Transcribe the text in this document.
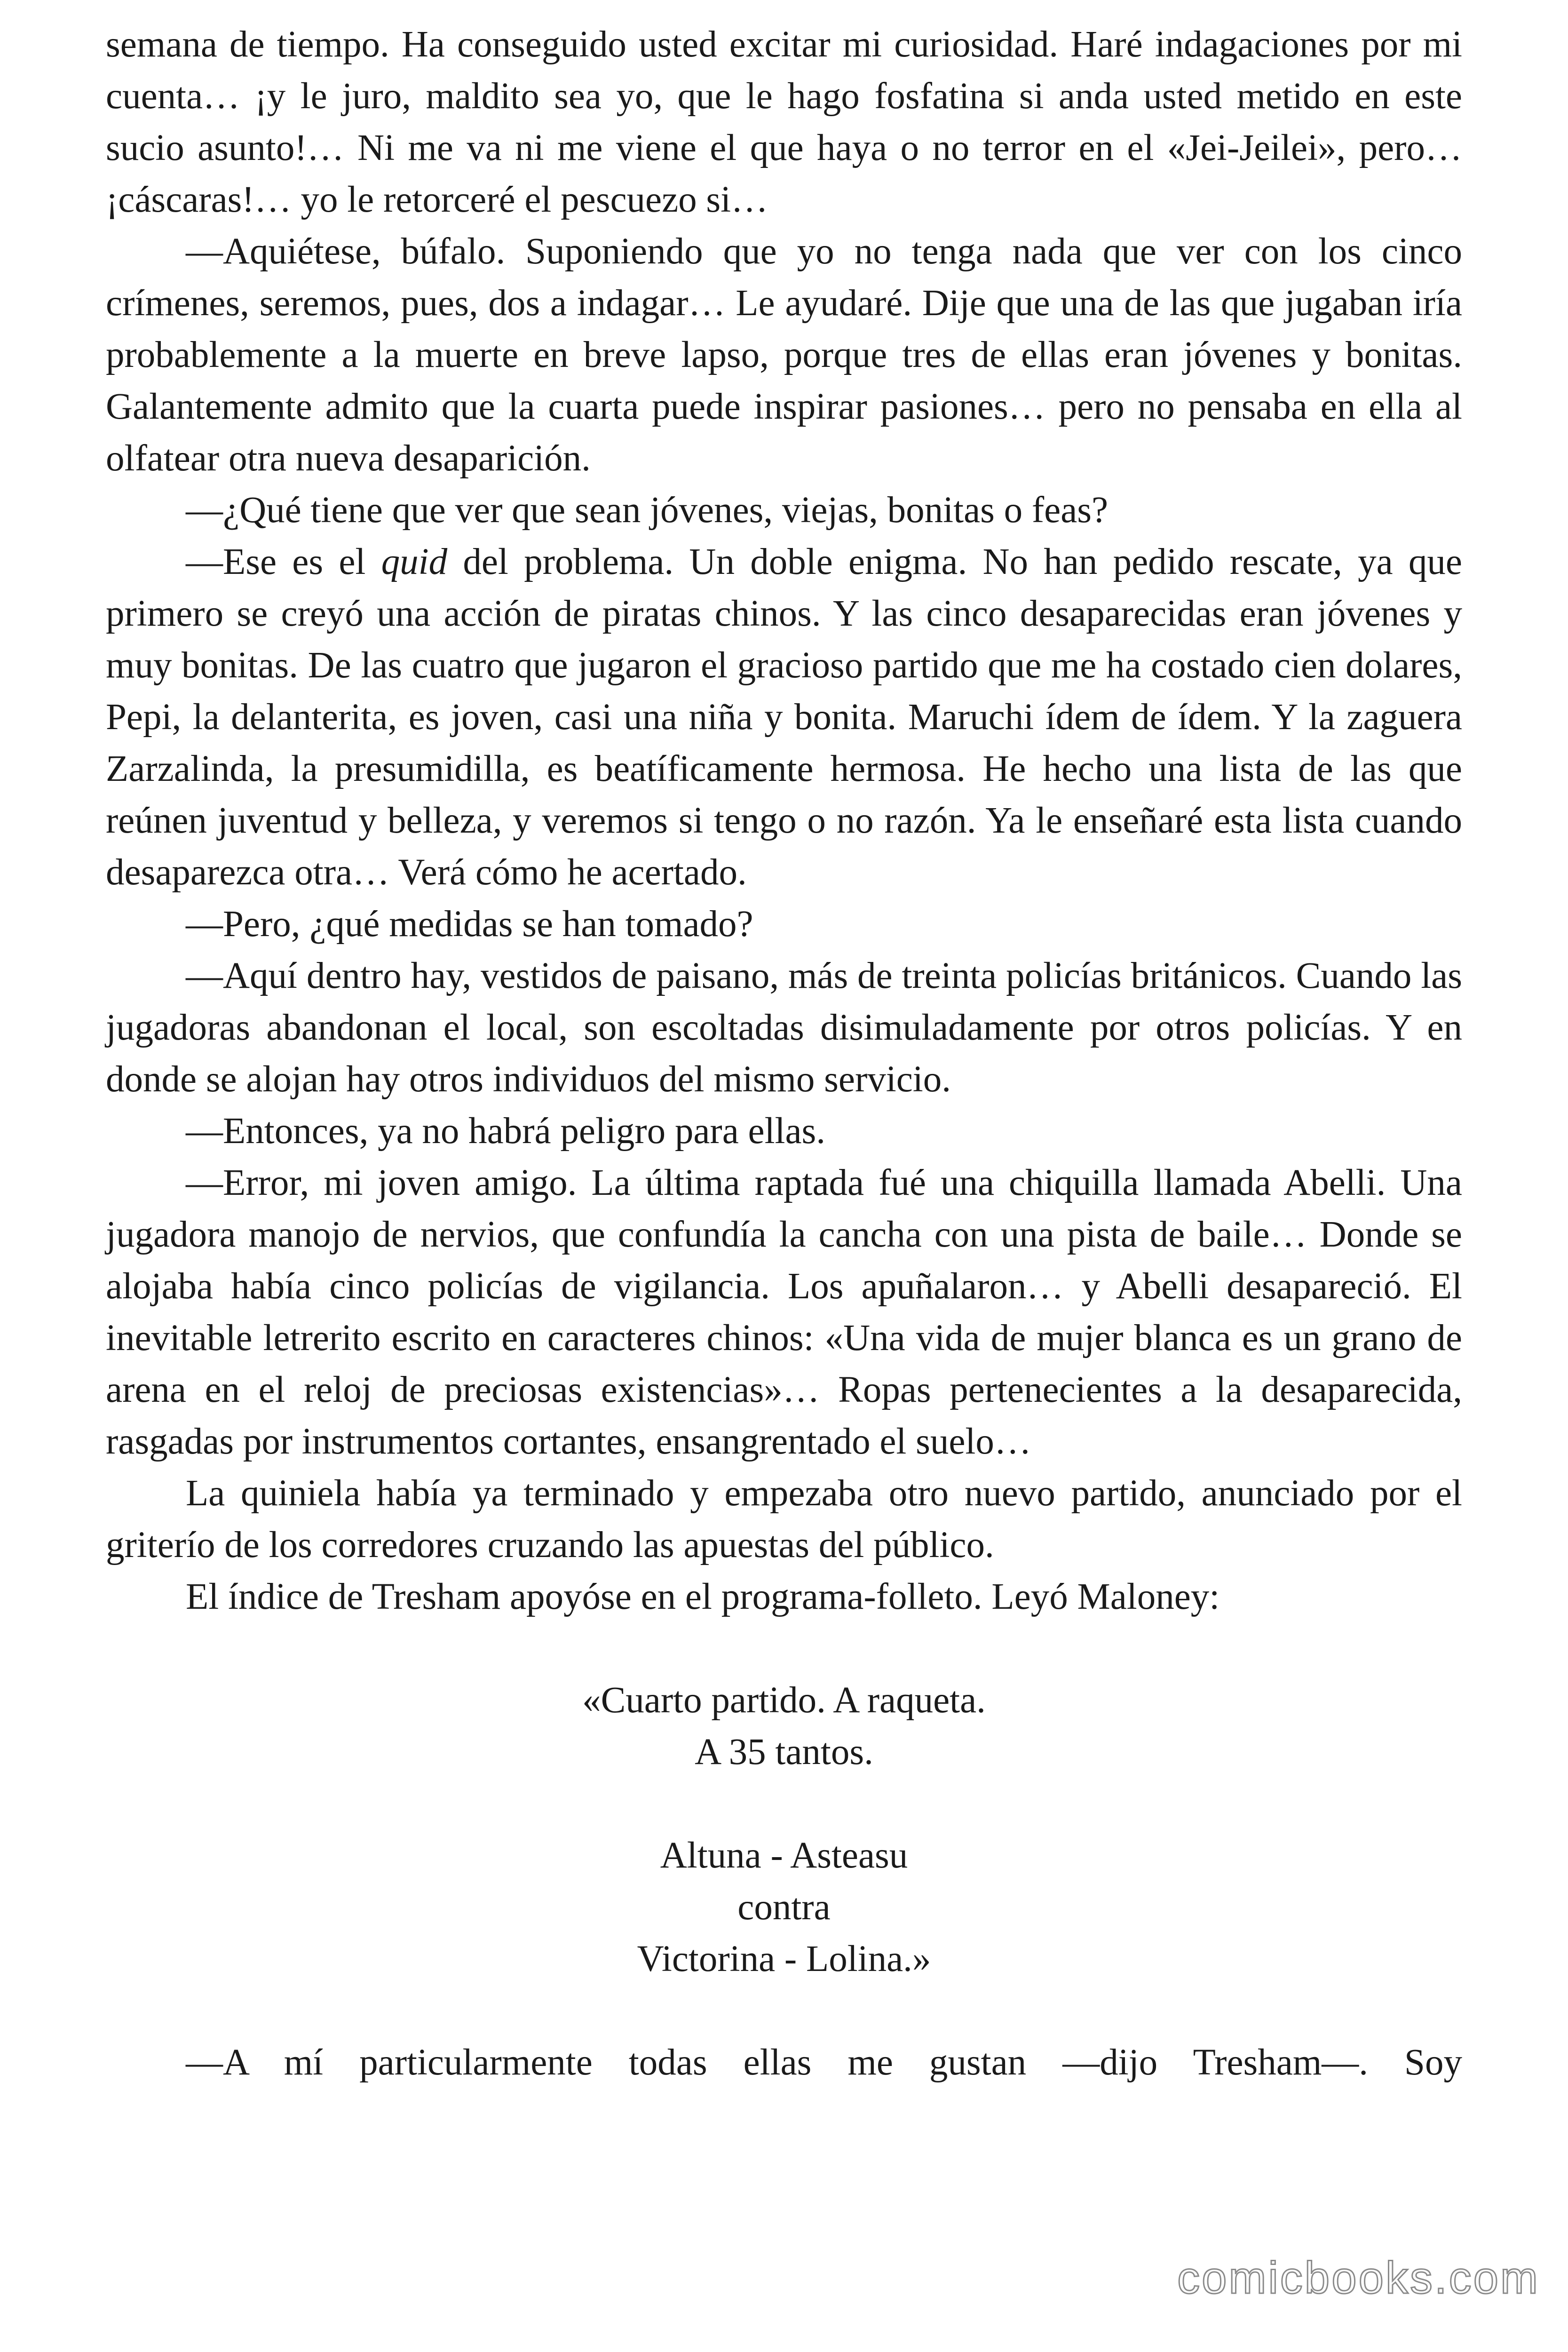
semana de tiempo. Ha conseguido usted excitar mi curiosidad. Haré indagaciones por mi cuenta… ¡y le juro, maldito sea yo, que le hago fosfatina si anda usted metido en este sucio asunto!… Ni me va ni me viene el que haya o no terror en el «Jei-Jeilei», pero… ¡cáscaras!… yo le retorceré el pescuezo si…

—Aquiétese, búfalo. Suponiendo que yo no tenga nada que ver con los cinco crímenes, seremos, pues, dos a indagar… Le ayudaré. Dije que una de las que jugaban iría probablemente a la muerte en breve lapso, porque tres de ellas eran jóvenes y bonitas. Galantemente admito que la cuarta puede inspirar pasiones… pero no pensaba en ella al olfatear otra nueva desaparición.

—¿Qué tiene que ver que sean jóvenes, viejas, bonitas o feas?

—Ese es el quid del problema. Un doble enigma. No han pedido rescate, ya que primero se creyó una acción de piratas chinos. Y las cinco desaparecidas eran jóvenes y muy bonitas. De las cuatro que jugaron el gracioso partido que me ha costado cien dolares, Pepi, la delanterita, es joven, casi una niña y bonita. Maruchi ídem de ídem. Y la zaguera Zarzalinda, la presumidilla, es beatíficamente hermosa. He hecho una lista de las que reúnen juventud y belleza, y veremos si tengo o no razón. Ya le enseñaré esta lista cuando desaparezca otra… Verá cómo he acertado.

—Pero, ¿qué medidas se han tomado?

—Aquí dentro hay, vestidos de paisano, más de treinta policías británicos. Cuando las jugadoras abandonan el local, son escoltadas disimuladamente por otros policías. Y en donde se alojan hay otros individuos del mismo servicio.

—Entonces, ya no habrá peligro para ellas.

—Error, mi joven amigo. La última raptada fué una chiquilla llamada Abelli. Una jugadora manojo de nervios, que confundía la cancha con una pista de baile… Donde se alojaba había cinco policías de vigilancia. Los apuñalaron… y Abelli desapareció. El inevitable letrerito escrito en caracteres chinos: «Una vida de mujer blanca es un grano de arena en el reloj de preciosas existencias»… Ropas pertenecientes a la desaparecida, rasgadas por instrumentos cortantes, ensangrentado el suelo…

La quiniela había ya terminado y empezaba otro nuevo partido, anunciado por el griterío de los corredores cruzando las apuestas del público.

El índice de Tresham apoyóse en el programa-folleto. Leyó Maloney:

«Cuarto partido. A raqueta.
A 35 tantos.
Altuna - Asteasu
contra
Victorina - Lolina.»

—A mí particularmente todas ellas me gustan —dijo Tresham—. Soy

comicbooks.com
